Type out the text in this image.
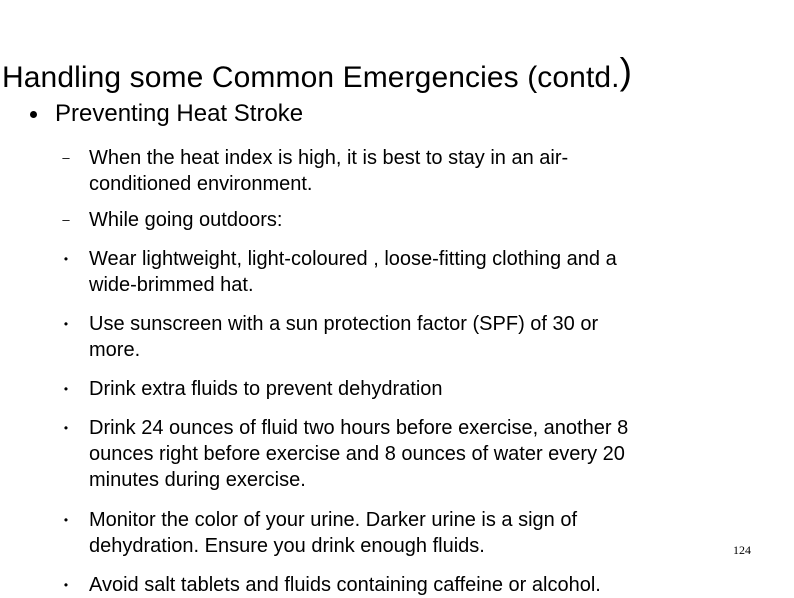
Handling some Common Emergencies (contd.)
Preventing Heat Stroke
– When the heat index is high, it is best to stay in an air-
conditioned environment.
– While going outdoors:
• Wear lightweight, light-coloured , loose-fitting clothing and a
wide-brimmed hat.
• Use sunscreen with a sun protection factor (SPF) of 30 or
more.
• Drink extra fluids to prevent dehydration
• Drink 24 ounces of fluid two hours before exercise, another 8
ounces right before exercise and 8 ounces of water every 20
minutes during exercise.
• Monitor the color of your urine. Darker urine is a sign of
dehydration. Ensure you drink enough fluids.
• Avoid salt tablets and fluids containing caffeine or alcohol.
124
